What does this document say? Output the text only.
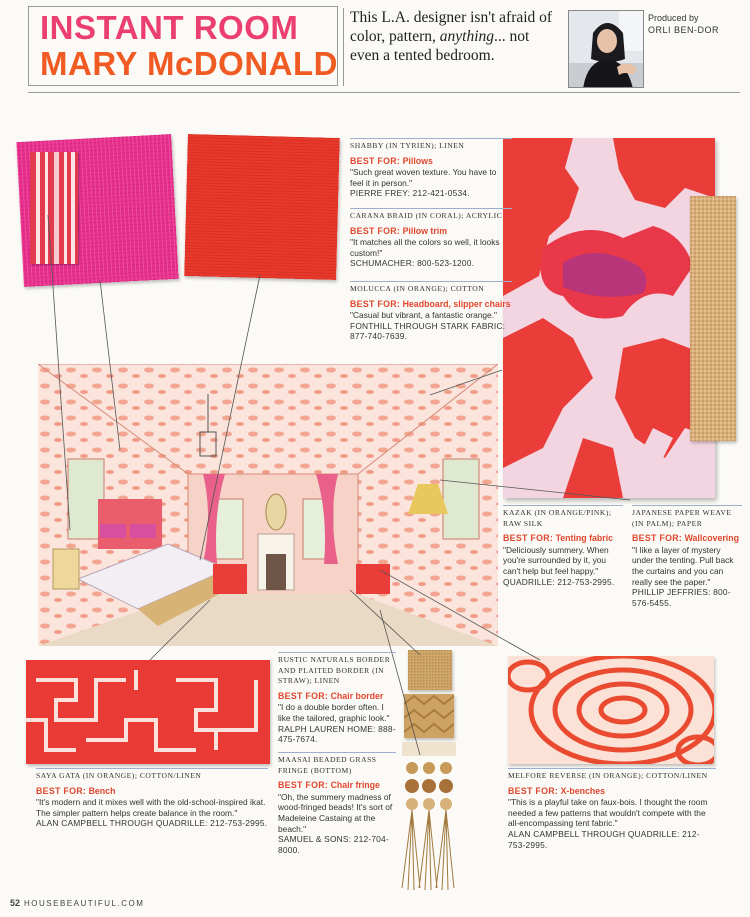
INSTANT ROOM
MARY McDONALD
This L.A. designer isn't afraid of color, pattern, anything... not even a tented bedroom.
Produced by
ORLI BEN-DOR
SHABBY (IN TYRIEN); LINEN
BEST FOR: Pillows
"Such great woven texture. You have to feel it in person."
PIERRE FREY: 212-421-0534.
CARANA BRAID (IN CORAL); ACRYLIC
BEST FOR: Pillow trim
"It matches all the colors so well, it looks custom!"
SCHUMACHER: 800-523-1200.
MOLUCCA (IN ORANGE); COTTON
BEST FOR: Headboard, slipper chairs
"Casual but vibrant, a fantastic orange."
FONTHILL THROUGH STARK FABRIC: 877-740-7639.
KAZAK (IN ORANGE/PINK); RAW SILK
BEST FOR: Tenting fabric
"Deliciously summery. When you're surrounded by it, you can't help but feel happy."
QUADRILLE: 212-753-2995.
JAPANESE PAPER WEAVE (IN PALM); PAPER
BEST FOR: Wallcovering
"I like a layer of mystery under the tenting. Pull back the curtains and you can really see the paper."
PHILLIP JEFFRIES: 800-576-5455.
RUSTIC NATURALS BORDER AND PLAITED BORDER (IN STRAW); LINEN
BEST FOR: Chair border
"I do a double border often. I like the tailored, graphic look."
RALPH LAUREN HOME: 888-475-7674.
MAASAI BEADED GRASS FRINGE (BOTTOM)
BEST FOR: Chair fringe
"Oh, the summery madness of wood-fringed beads! It's sort of Madeleine Castaing at the beach."
SAMUEL & SONS: 212-704-8000.
SAYA GATA (IN ORANGE); COTTON/LINEN
BEST FOR: Bench
"It's modern and it mixes well with the old-school-inspired ikat. The simpler pattern helps create balance in the room."
ALAN CAMPBELL THROUGH QUADRILLE: 212-753-2995.
MELFORE REVERSE (IN ORANGE); COTTON/LINEN
BEST FOR: X-benches
"This is a playful take on faux-bois. I thought the room needed a few patterns that wouldn't compete with the all-encompassing tent fabric."
ALAN CAMPBELL THROUGH QUADRILLE: 212-753-2995.
52 HOUSEBEAUTIFUL.COM
